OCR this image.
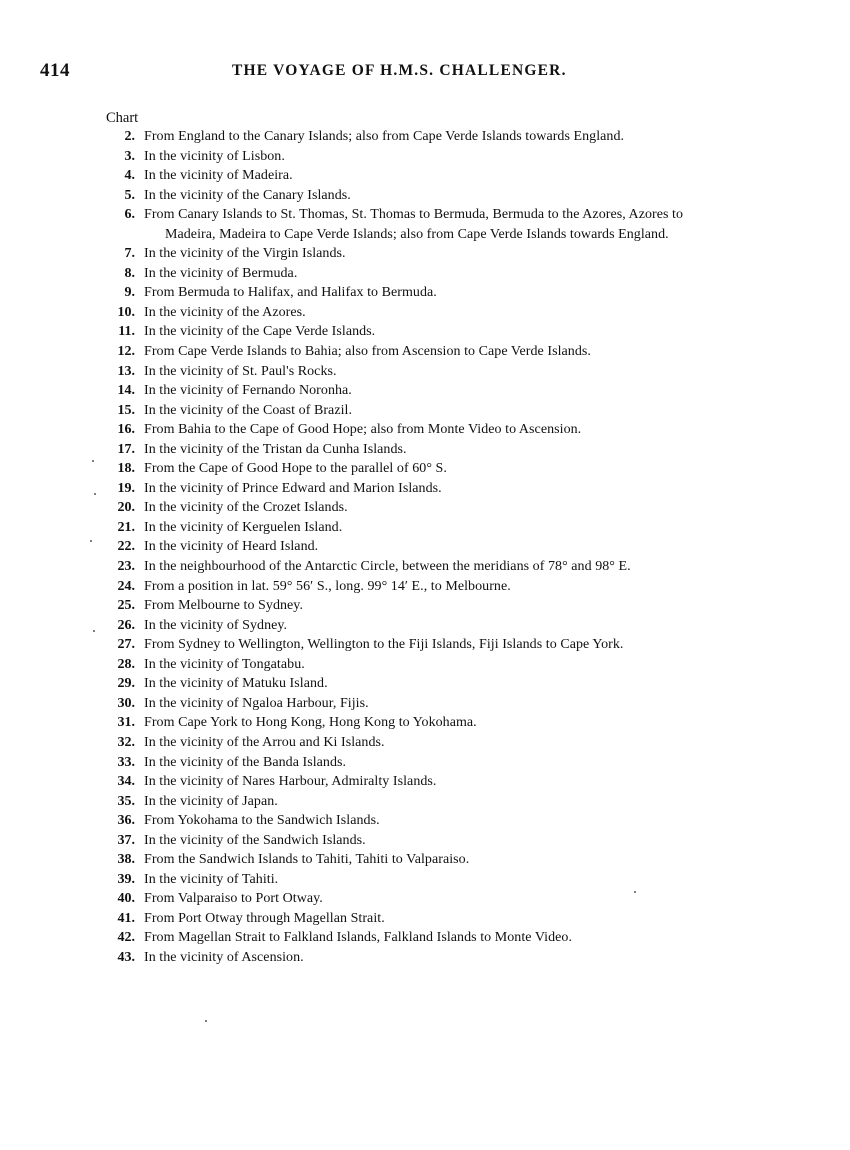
414	THE VOYAGE OF H.M.S. CHALLENGER.
Chart
2. From England to the Canary Islands; also from Cape Verde Islands towards England.
3. In the vicinity of Lisbon.
4. In the vicinity of Madeira.
5. In the vicinity of the Canary Islands.
6. From Canary Islands to St. Thomas, St. Thomas to Bermuda, Bermuda to the Azores, Azores to
Madeira, Madeira to Cape Verde Islands; also from Cape Verde Islands towards England.
7. In the vicinity of the Virgin Islands.
8. In the vicinity of Bermuda.
9. From Bermuda to Halifax, and Halifax to Bermuda.
10. In the vicinity of the Azores.
11. In the vicinity of the Cape Verde Islands.
12. From Cape Verde Islands to Bahia; also from Ascension to Cape Verde Islands.
13. In the vicinity of St. Paul's Rocks.
14. In the vicinity of Fernando Noronha.
15. In the vicinity of the Coast of Brazil.
16. From Bahia to the Cape of Good Hope; also from Monte Video to Ascension.
17. In the vicinity of the Tristan da Cunha Islands.
18. From the Cape of Good Hope to the parallel of 60° S.
19. In the vicinity of Prince Edward and Marion Islands.
20. In the vicinity of the Crozet Islands.
21. In the vicinity of Kerguelen Island.
22. In the vicinity of Heard Island.
23. In the neighbourhood of the Antarctic Circle, between the meridians of 78° and 98° E.
24. From a position in lat. 59° 56′ S., long. 99° 14′ E., to Melbourne.
25. From Melbourne to Sydney.
26. In the vicinity of Sydney.
27. From Sydney to Wellington, Wellington to the Fiji Islands, Fiji Islands to Cape York.
28. In the vicinity of Tongatabu.
29. In the vicinity of Matuku Island.
30. In the vicinity of Ngaloa Harbour, Fijis.
31. From Cape York to Hong Kong, Hong Kong to Yokohama.
32. In the vicinity of the Arrou and Ki Islands.
33. In the vicinity of the Banda Islands.
34. In the vicinity of Nares Harbour, Admiralty Islands.
35. In the vicinity of Japan.
36. From Yokohama to the Sandwich Islands.
37. In the vicinity of the Sandwich Islands.
38. From the Sandwich Islands to Tahiti, Tahiti to Valparaiso.
39. In the vicinity of Tahiti.
40. From Valparaiso to Port Otway.
41. From Port Otway through Magellan Strait.
42. From Magellan Strait to Falkland Islands, Falkland Islands to Monte Video.
43. In the vicinity of Ascension.
